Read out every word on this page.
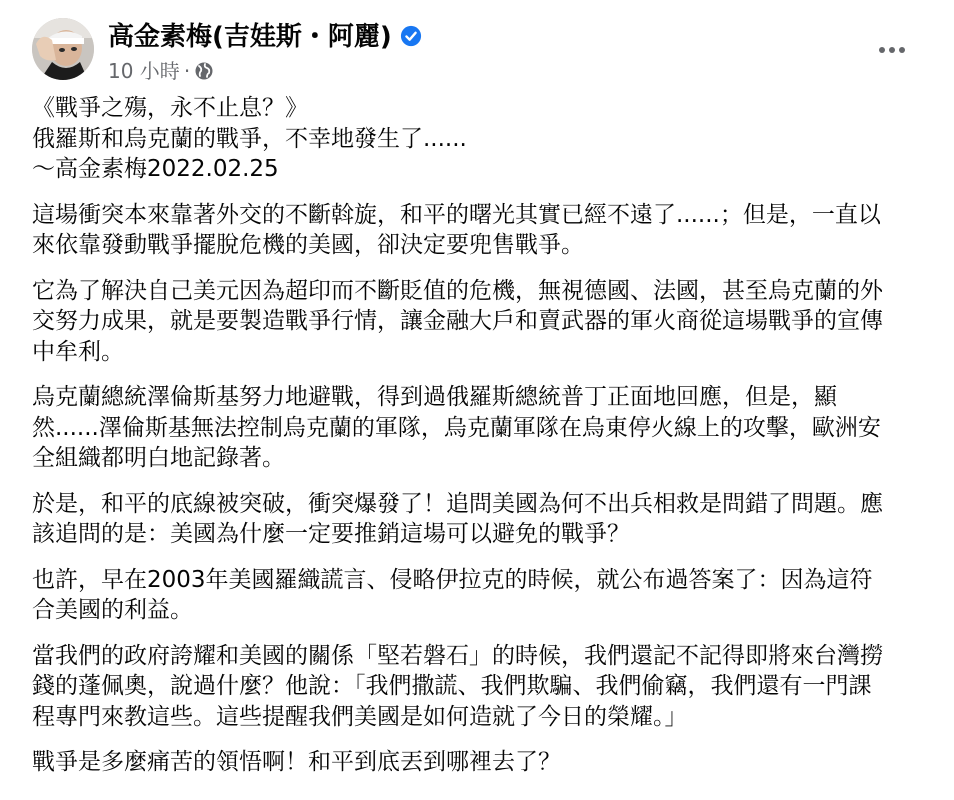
高金素梅(吉娃斯・阿麗)
10 小時 ·

《戰爭之殤，永不止息？》
俄羅斯和烏克蘭的戰爭，不幸地發生了......
～高金素梅2022.02.25

這場衝突本來靠著外交的不斷斡旋，和平的曙光其實已經不遠了......；但是，一直以
來依靠發動戰爭擺脫危機的美國，卻決定要兜售戰爭。

它為了解決自己美元因為超印而不斷貶值的危機，無視德國、法國，甚至烏克蘭的外
交努力成果，就是要製造戰爭行情，讓金融大戶和賣武器的軍火商從這場戰爭的宣傳
中牟利。

烏克蘭總統澤倫斯基努力地避戰，得到過俄羅斯總統普丁正面地回應，但是，顯
然......澤倫斯基無法控制烏克蘭的軍隊，烏克蘭軍隊在烏東停火線上的攻擊，歐洲安
全組織都明白地記錄著。

於是，和平的底線被突破，衝突爆發了！追問美國為何不出兵相救是問錯了問題。應
該追問的是：美國為什麼一定要推銷這場可以避免的戰爭？

也許，早在2003年美國羅織謊言、侵略伊拉克的時候，就公布過答案了：因為這符
合美國的利益。

當我們的政府誇耀和美國的關係「堅若磐石」的時候，我們還記不記得即將來台灣撈
錢的蓬佩奧，說過什麼？他說：「我們撒謊、我們欺騙、我們偷竊，我們還有一門課
程專門來教這些。這些提醒我們美國是如何造就了今日的榮耀。」

戰爭是多麼痛苦的領悟啊！和平到底丟到哪裡去了？
